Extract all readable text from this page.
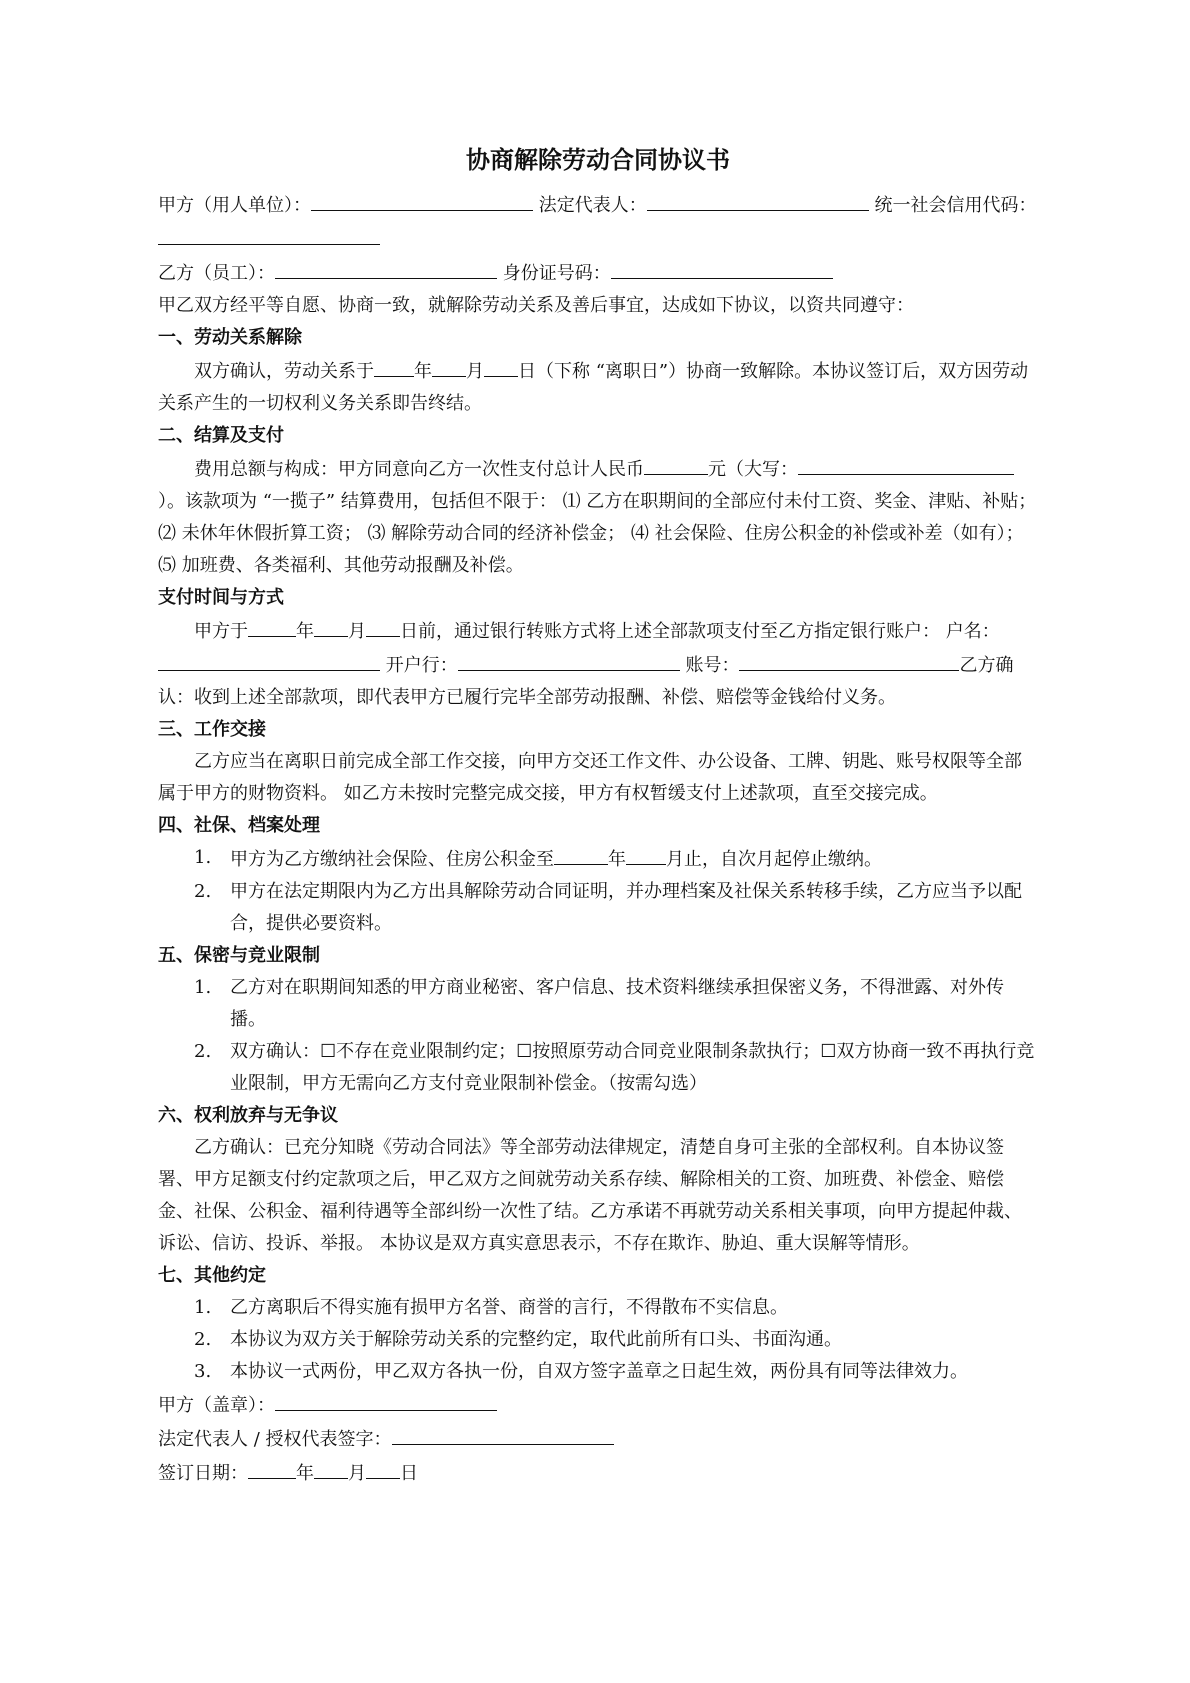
协商解除劳动合同协议书

甲方（用人单位）：	法定代表人：	统一社会信用代码：

乙方（员工）：	身份证号码：

甲乙双方经平等自愿、协商一致，就解除劳动关系及善后事宜，达成如下协议，以资共同遵守：

一、劳动关系解除

双方确认，劳动关系于 年 月 日（下称 “离职日”）协商一致解除。本协议签订后，双方因劳动关系产生的一切权利义务关系即告终结。

二、结算及支付

费用总额与构成：甲方同意向乙方一次性支付总计人民币	元（大写：）。该款项为 “一揽子” 结算费用，包括但不限于： ⑴ 乙方在职期间的全部应付未付工资、奖金、津贴、补贴； ⑵ 未休年休假折算工资； ⑶ 解除劳动合同的经济补偿金； ⑷ 社会保险、住房公积金的补偿或补差（如有）； ⑸ 加班费、各类福利、其他劳动报酬及补偿。

支付时间与方式

甲方于	年 月 日前，通过银行转账方式将上述全部款项支付至乙方指定银行账户： 户名： 开户行：	账号：	乙方确认：收到上述全部款项，即代表甲方已履行完毕全部劳动报酬、补偿、赔偿等金钱给付义务。

三、工作交接

乙方应当在离职日前完成全部工作交接，向甲方交还工作文件、办公设备、工牌、钥匙、账号权限等全部属于甲方的财物资料。 如乙方未按时完整完成交接，甲方有权暂缓支付上述款项，直至交接完成。

四、社保、档案处理
1. 甲方为乙方缴纳社会保险、住房公积金至	年 月止，自次月起停止缴纳。
2. 甲方在法定期限内为乙方出具解除劳动合同证明，并办理档案及社保关系转移手续，乙方应当予以配合，提供必要资料。
五、保密与竞业限制
1. 乙方对在职期间知悉的甲方商业秘密、客户信息、技术资料继续承担保密义务，不得泄露、对外传播。
2. 双方确认：☐不存在竞业限制约定；☐按照原劳动合同竞业限制条款执行；☐双方协商一致不再执行竞业限制，甲方无需向乙方支付竞业限制补偿金。（按需勾选）
六、权利放弃与无争议

乙方确认：已充分知晓《劳动合同法》等全部劳动法律规定，清楚自身可主张的全部权利。自本协议签署、甲方足额支付约定款项之后，甲乙双方之间就劳动关系存续、解除相关的工资、加班费、补偿金、赔偿金、社保、公积金、福利待遇等全部纠纷一次性了结。乙方承诺不再就劳动关系相关事项，向甲方提起仲裁、诉讼、信访、投诉、举报。 本协议是双方真实意思表示，不存在欺诈、胁迫、重大误解等情形。

七、其他约定
1. 乙方离职后不得实施有损甲方名誉、商誉的言行，不得散布不实信息。
2. 本协议为双方关于解除劳动关系的完整约定，取代此前所有口头、书面沟通。
3. 本协议一式两份，甲乙双方各执一份，自双方签字盖章之日起生效，两份具有同等法律效力。

甲方（盖章）：

法定代表人 / 授权代表签字：

签订日期：	年 月 日
